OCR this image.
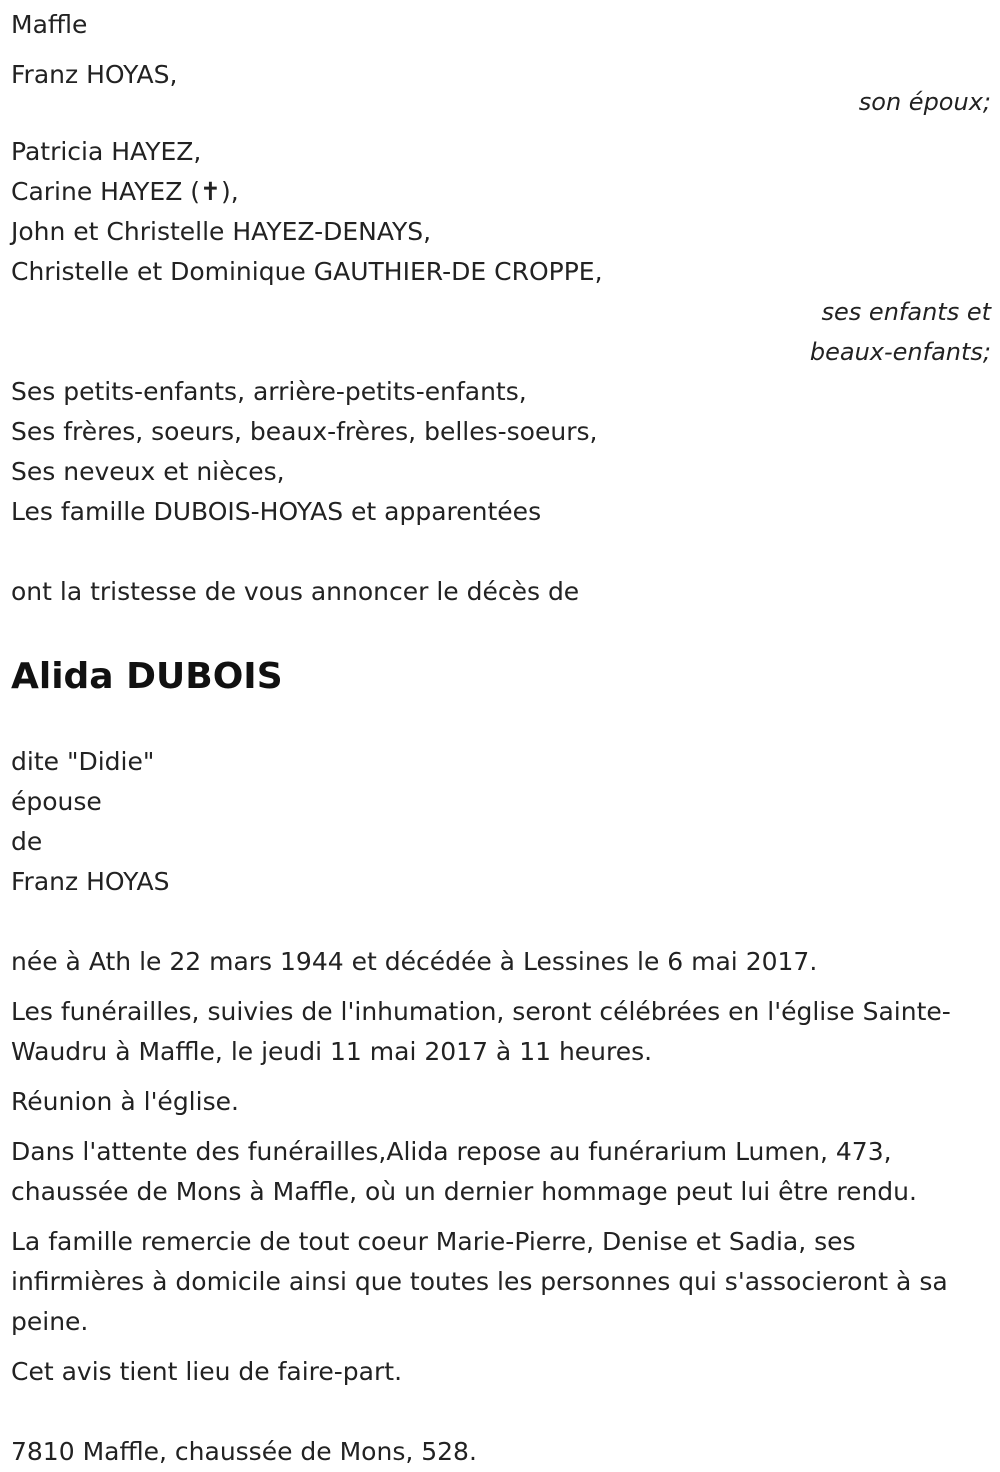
Maffle
Franz HOYAS,
son époux;
Patricia HAYEZ,
Carine HAYEZ (✝),
John et Christelle HAYEZ-DENAYS,
Christelle et Dominique GAUTHIER-DE CROPPE,
ses enfants et
beaux-enfants;
Ses petits-enfants, arrière-petits-enfants,
Ses frères, soeurs, beaux-frères, belles-soeurs,
Ses neveux et nièces,
Les famille DUBOIS-HOYAS et apparentées
ont la tristesse de vous annoncer le décès de
Alida DUBOIS
dite "Didie"
épouse
de
Franz HOYAS
née à Ath le 22 mars 1944 et décédée à Lessines le 6 mai 2017.
Les funérailles, suivies de l'inhumation, seront célébrées en l'église Sainte-Waudru à Maffle, le jeudi 11 mai 2017 à 11 heures.
Réunion à l'église.
Dans l'attente des funérailles,Alida repose au funérarium Lumen, 473, chaussée de Mons à Maffle, où un dernier hommage peut lui être rendu.
La famille remercie de tout coeur Marie-Pierre, Denise et Sadia, ses infirmières à domicile ainsi que toutes les personnes qui s'associeront à sa peine.
Cet avis tient lieu de faire-part.
7810 Maffle, chaussée de Mons, 528.
